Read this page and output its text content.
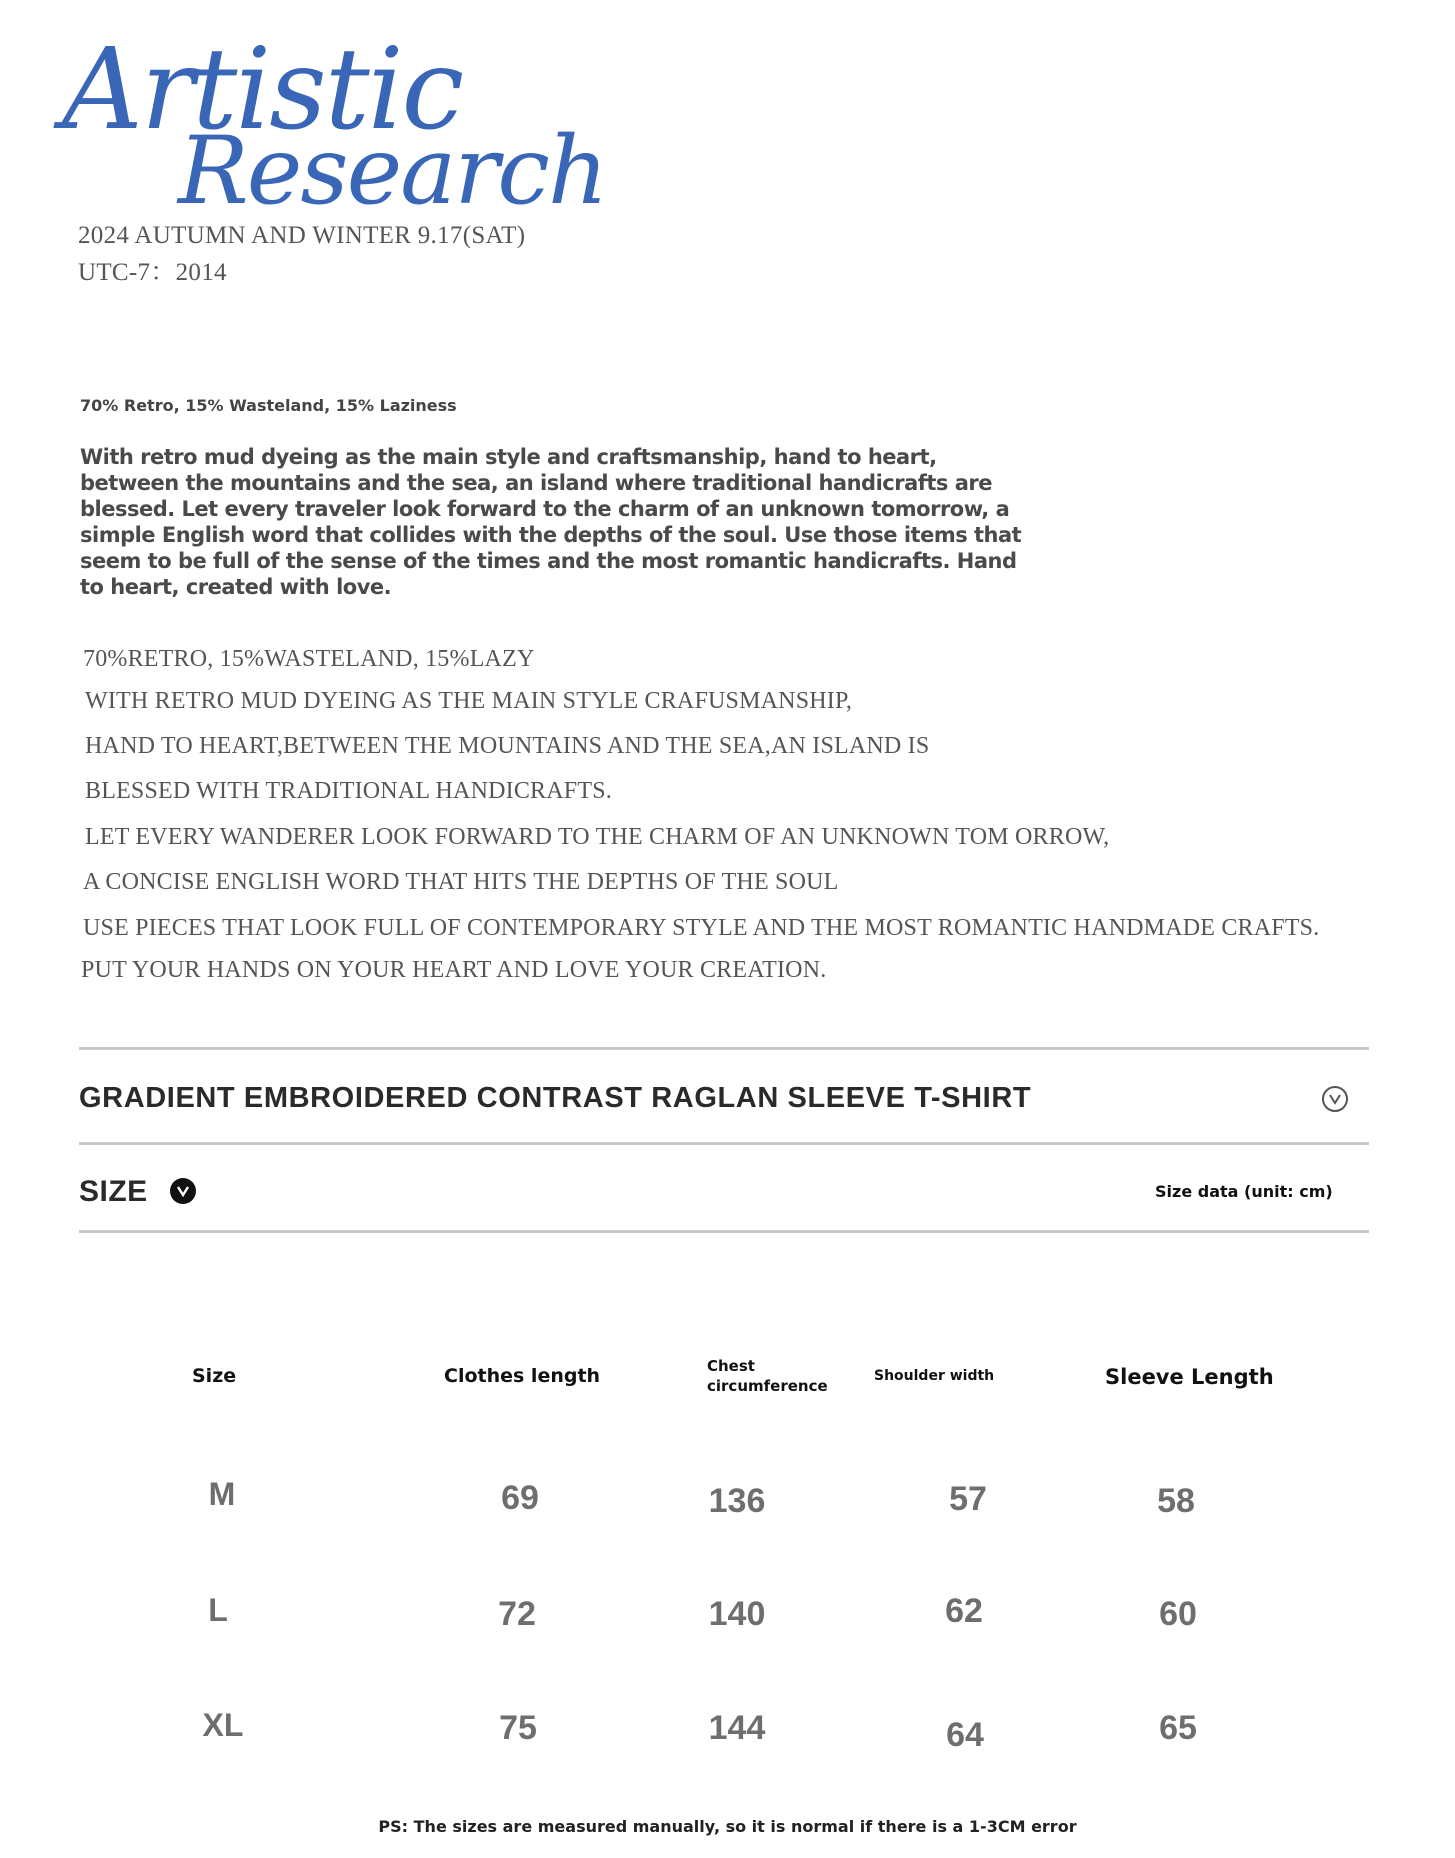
Artistic
Research
2024 AUTUMN AND WINTER 9.17(SAT)
UTC-7：2014
70% Retro, 15% Wasteland, 15% Laziness
With retro mud dyeing as the main style and craftsmanship, hand to heart, between the mountains and the sea, an island where traditional handicrafts are blessed. Let every traveler look forward to the charm of an unknown tomorrow, a simple English word that collides with the depths of the soul. Use those items that seem to be full of the sense of the times and the most romantic handicrafts. Hand to heart, created with love.
70%RETRO, 15%WASTELAND, 15%LAZY
WITH RETRO MUD DYEING AS THE MAIN STYLE CRAFUSMANSHIP,
HAND TO HEART,BETWEEN THE MOUNTAINS AND THE SEA,AN ISLAND IS
BLESSED WITH TRADITIONAL HANDICRAFTS.
LET EVERY WANDERER LOOK FORWARD TO THE CHARM OF AN UNKNOWN TOM ORROW,
A CONCISE ENGLISH WORD THAT HITS THE DEPTHS OF THE SOUL
USE PIECES THAT LOOK FULL OF CONTEMPORARY STYLE AND THE MOST ROMANTIC HANDMADE CRAFTS.
PUT YOUR HANDS ON YOUR HEART AND LOVE YOUR CREATION.
GRADIENT EMBROIDERED CONTRAST RAGLAN SLEEVE T-SHIRT
SIZE	Size data (unit: cm)
Size	Clothes length	Chest
circumference
Shoulder width	Sleeve Length
M	69	136	57	58
L	72	140	62	60
XL	75	144	64	65
PS: The sizes are measured manually, so it is normal if there is a 1-3CM error
